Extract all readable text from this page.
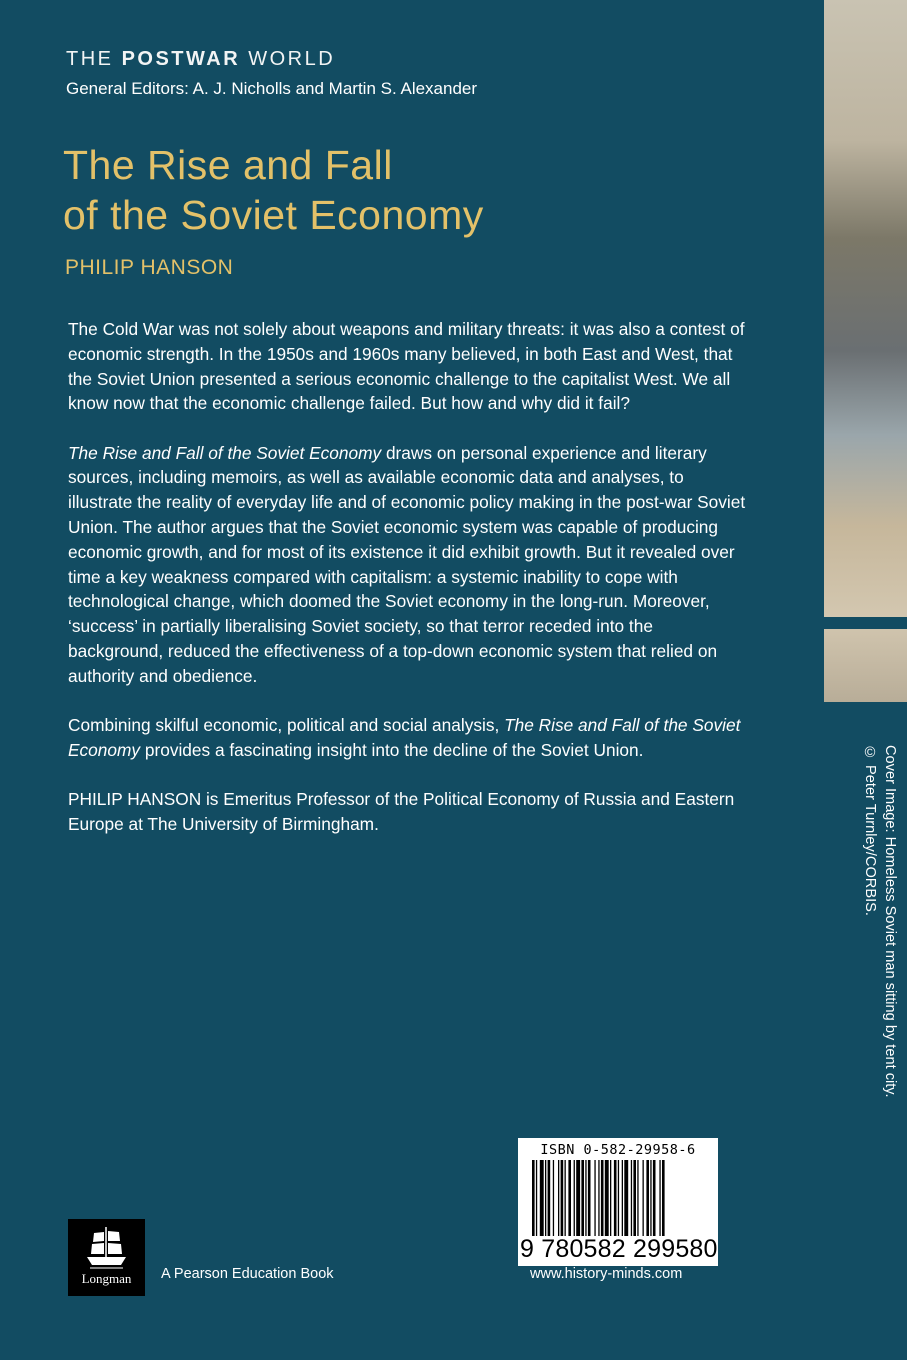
THE POSTWAR WORLD
General Editors: A. J. Nicholls and Martin S. Alexander
The Rise and Fall
of the Soviet Economy
PHILIP HANSON

The Cold War was not solely about weapons and military threats: it was also a contest of economic strength. In the 1950s and 1960s many believed, in both East and West, that the Soviet Union presented a serious economic challenge to the capitalist West. We all know now that the economic challenge failed. But how and why did it fail?

The Rise and Fall of the Soviet Economy draws on personal experience and literary sources, including memoirs, as well as available economic data and analyses, to illustrate the reality of everyday life and of economic policy making in the post-war Soviet Union. The author argues that the Soviet economic system was capable of producing economic growth, and for most of its existence it did exhibit growth. But it revealed over time a key weakness compared with capitalism: a systemic inability to cope with technological change, which doomed the Soviet economy in the long-run. Moreover, ‘success’ in partially liberalising Soviet society, so that terror receded into the background, reduced the effectiveness of a top-down economic system that relied on authority and obedience.

Combining skilful economic, political and social analysis, The Rise and Fall of the Soviet Economy provides a fascinating insight into the decline of the Soviet Union.

PHILIP HANSON is Emeritus Professor of the Political Economy of Russia and Eastern Europe at The University of Birmingham.

Longman	A Pearson Education Book
ISBN 0-582-29958-6
9 780582 299580
www.history-minds.com
Cover Image: Homeless Soviet man sitting by tent city.
© Peter Turnley/CORBIS.
